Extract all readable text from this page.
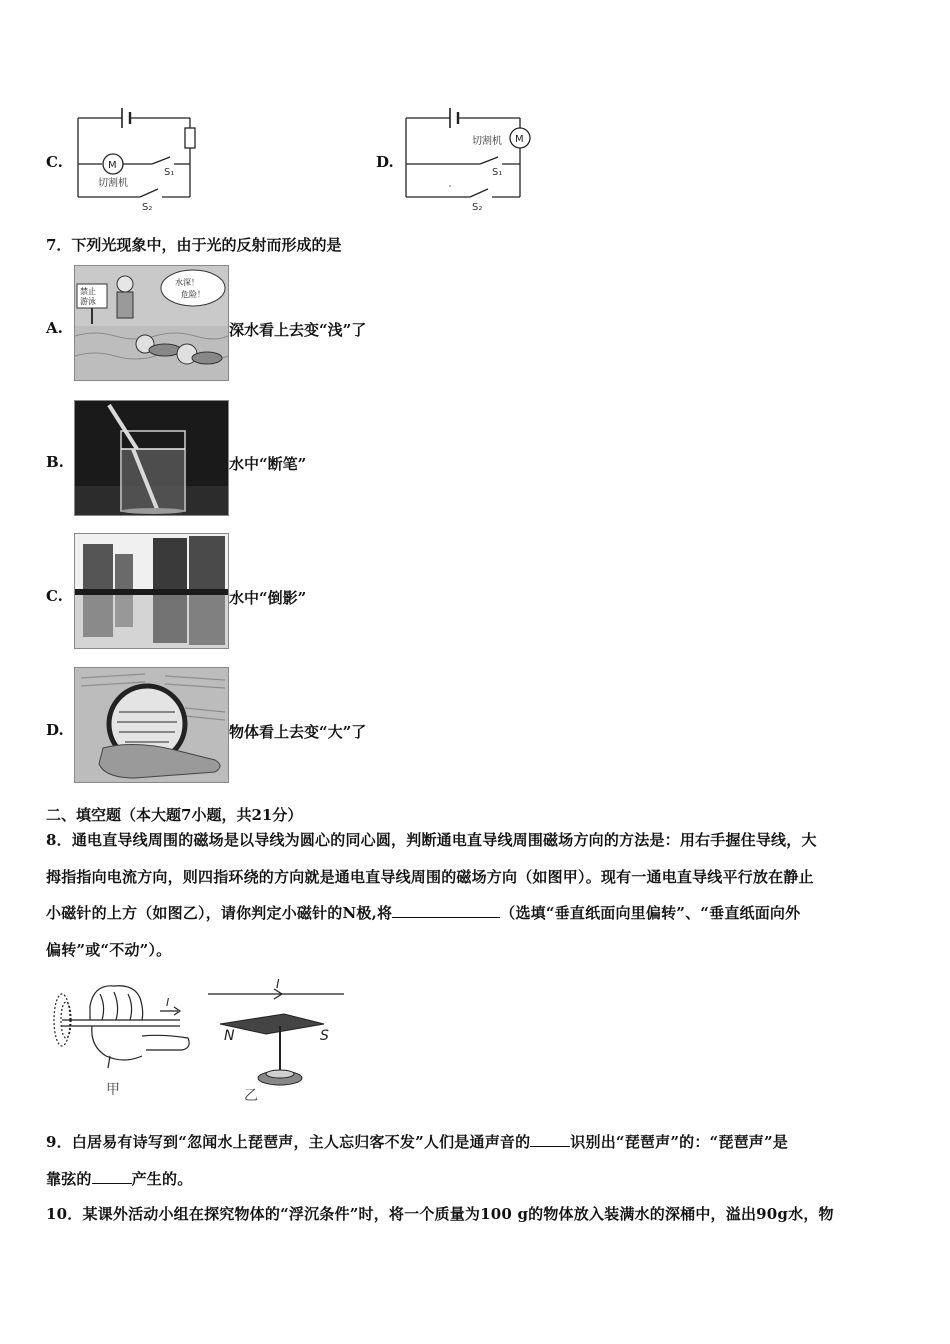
C.	M
切割机
S₁
S₂
D.
M
切割机
S₁
S₂
7．下列光现象中，由于光的反射而形成的是
A.
禁止
游泳
水深！
危险！
深水看上去变“浅”了
B.	水中“断笔”
C.	水中“倒影”
D.	物体看上去变“大”了
二、填空题（本大题7小题，共21分）
8．通电直导线周围的磁场是以导线为圆心的同心圆，判断通电直导线周围磁场方向的方法是：用右手握住导线，大
拇指指向电流方向，则四指环绕的方向就是通电直导线周围的磁场方向（如图甲）。现有一通电直导线平行放在静止
小磁针的上方（如图乙），请你判定小磁针的N极,将	（选填“垂直纸面向里偏转”、“垂直纸面向外
偏转”或“不动”）。
I
甲
I
N	S
乙
9．白居易有诗写到“忽闻水上琵琶声，主人忘归客不发”人们是通声音的	识别出“琵琶声”的：“琵琶声”是
靠弦的	产生的。
10．某课外活动小组在探究物体的“浮沉条件”时，将一个质量为100 g的物体放入装满水的深桶中，溢出90g水，物
